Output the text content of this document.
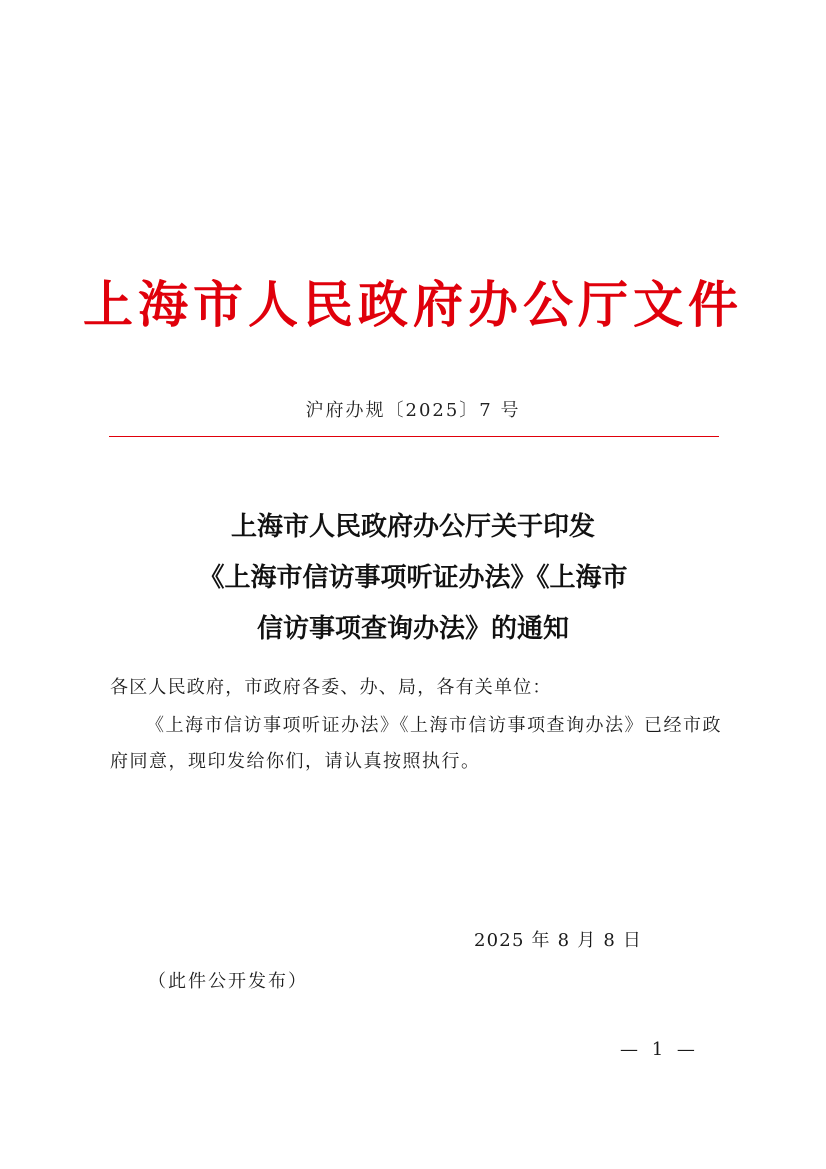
上海市人民政府办公厅文件
沪府办规〔2025〕7 号
上海市人民政府办公厅关于印发
《上海市信访事项听证办法》《上海市
信访事项查询办法》的通知
各区人民政府，市政府各委、办、局，各有关单位：
《上海市信访事项听证办法》《上海市信访事项查询办法》已经市政府同意，现印发给你们，请认真按照执行。
2025 年 8 月 8 日
（此件公开发布）
— 1 —
